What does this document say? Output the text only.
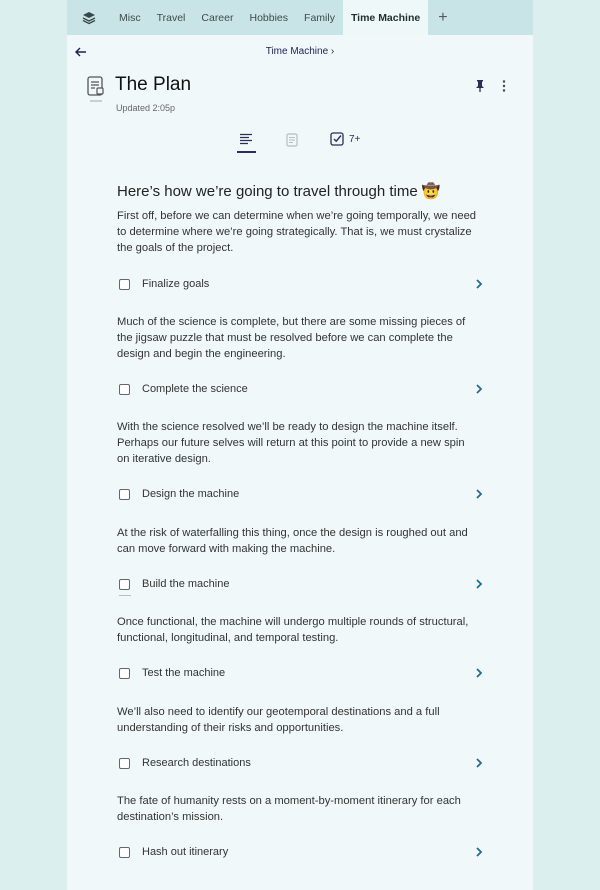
Misc	Travel	Career	Hobbies	Family	Time Machine	+
Time Machine ›
The Plan
Updated 2:05p
7+
Here’s how we’re going to travel through time 🤠
First off, before we can determine when we’re going temporally, we need to determine where we’re going strategically. That is, we must crystalize the goals of the project.
Finalize goals
Much of the science is complete, but there are some missing pieces of the jigsaw puzzle that must be resolved before we can complete the design and begin the engineering.
Complete the science
With the science resolved we’ll be ready to design the machine itself. Perhaps our future selves will return at this point to provide a new spin on iterative design.
Design the machine
At the risk of waterfalling this thing, once the design is roughed out and can move forward with making the machine.
Build the machine
Once functional, the machine will undergo multiple rounds of structural, functional, longitudinal, and temporal testing.
Test the machine
We’ll also need to identify our geotemporal destinations and a full understanding of their risks and opportunities.
Research destinations
The fate of humanity rests on a moment-by-moment itinerary for each destination’s mission.
Hash out itinerary
